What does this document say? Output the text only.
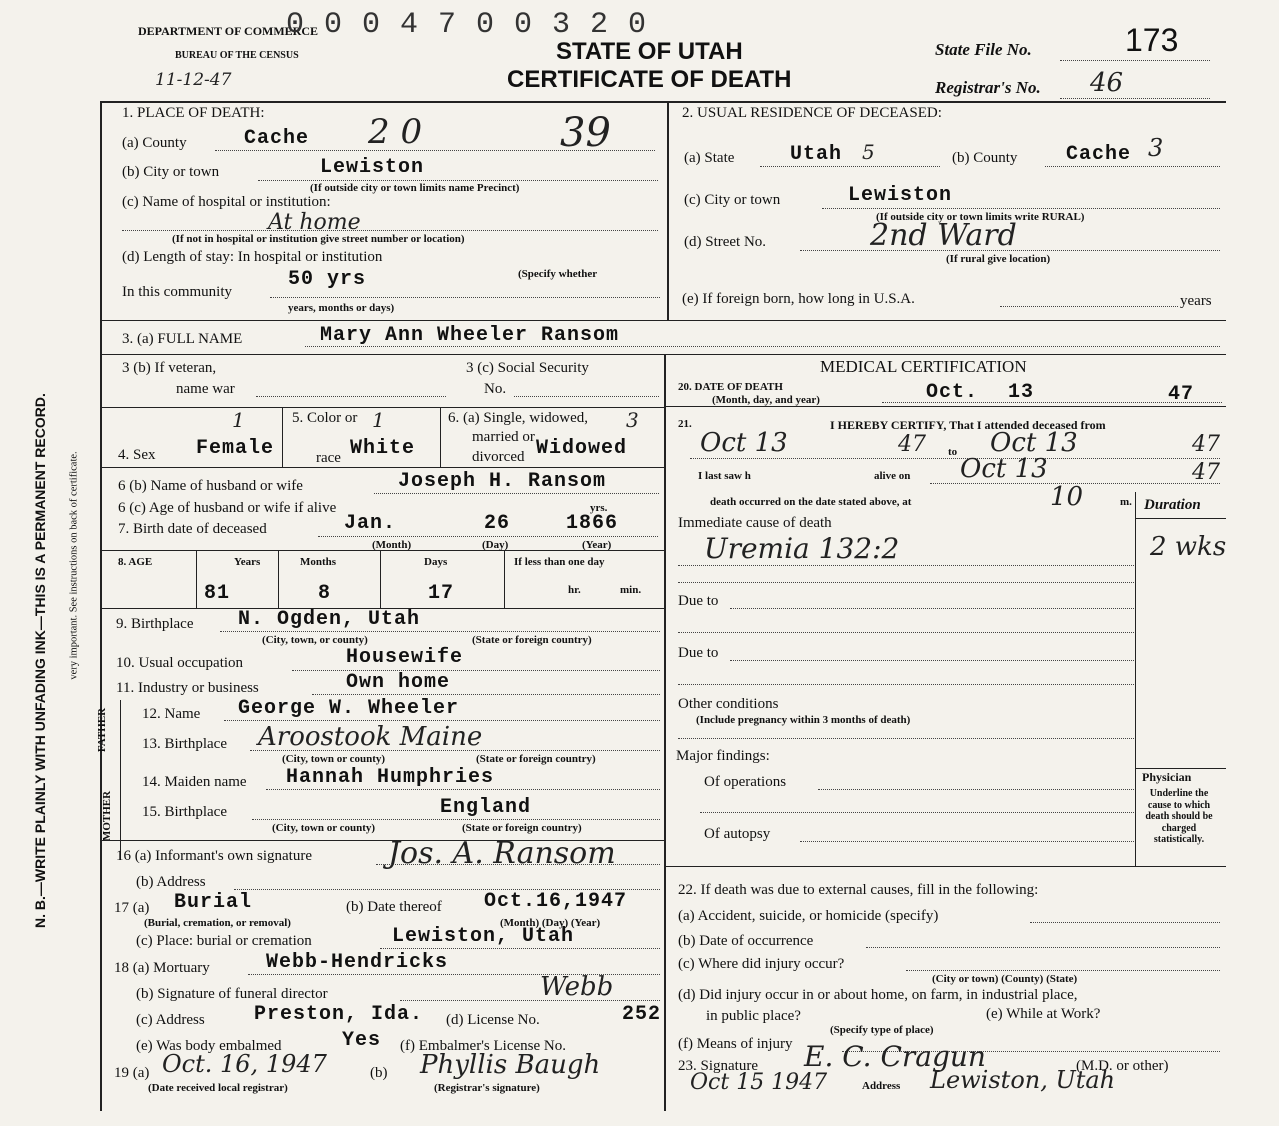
N. B.—WRITE PLAINLY WITH UNFADING INK—THIS IS A PERMANENT RECORD. very important. See instructions on back of certificate.
DEPARTMENT OF COMMERCE
0 0 0 4 7 0 0 3 2 0
BUREAU OF THE CENSUS
11-12-47
STATE OF UTAH
CERTIFICATE OF DEATH
State File No.	173
Registrar's No. 46
1. PLACE OF DEATH:
(a) County	Cache 2 0	39
(b) City or town	Lewiston
(If outside city or town limits name Precinct)
(c) Name of hospital or institution:
At home
(If not in hospital or institution give street number or location)
(d) Length of stay: In hospital or institution
(Specify whether
In this community
50 yrs
years, months or days)
2. USUAL RESIDENCE OF DECEASED:
(a) State	Utah 5	(b) County Cache 3
(c) City or town	Lewiston
(If outside city or town limits write RURAL)
(d) Street No.	2nd Ward
(If rural give location)
(e) If foreign born, how long in U.S.A.	years
3. (a) FULL NAME	Mary Ann Wheeler Ransom
3 (b) If veteran,
name war
3 (c) Social Security
No.
4. Sex Female
1	5. Color or
race White
1	6. (a) Single, widowed,
married or
divorced Widowed
3
6 (b) Name of husband or wife	Joseph H. Ransom
6 (c) Age of husband or wife if alive	yrs.
7. Birth date of deceased	Jan.	26	1866
(Month)	(Day)	(Year)
8. AGE	Years	Months	Days	If less than one day
81	8	17	hr.	min.
9. Birthplace N. Ogden, Utah
(City, town, or county)	(State or foreign country)
10. Usual occupation	Housewife
11. Industry or business	Own home
FATHER
MOTHER
12. Name George W. Wheeler
13. Birthplace Aroostook Maine
(City, town or county)	(State or foreign country)
14. Maiden name Hannah Humphries
15. Birthplace	England
(City, town or county)	(State or foreign country)
16 (a) Informant's own signature	Jos. A. Ransom
(b) Address
17 (a) Burial
(Burial, cremation, or removal)
(b) Date thereof Oct.16,1947
(Month) (Day) (Year)
(c) Place: burial or cremation	Lewiston, Utah
18 (a) Mortuary	Webb-Hendricks
(b) Signature of funeral director	Webb
(c) Address Preston, Ida. (d) License No.	252
(e) Was body embalmed	Yes (f) Embalmer's License No.
19 (a) Oct. 16, 1947
(Date received local registrar)
(b) Phyllis Baugh
(Registrar's signature)
MEDICAL CERTIFICATION
20. DATE OF DEATH
(Month, day, and year)	Oct. 13	47
21.	I HEREBY CERTIFY, That I attended deceased from
Oct 13	47 to Oct 13	47
I last saw h	alive on Oct 13	47
death occurred on the date stated above, at	10	m. Duration
Immediate cause of death
Uremia 132:2	2 wks
Due to
Due to
Other conditions
(Include pregnancy within 3 months of death)
Major findings:
Of operations
Of autopsy
Physician
Underline the cause to which death should be charged statistically.
22. If death was due to external causes, fill in the following:
(a) Accident, suicide, or homicide (specify)
(b) Date of occurrence
(c) Where did injury occur?
(City or town) (County) (State)
(d) Did injury occur in or about home, on farm, in industrial place,
in public place?	(e) While at Work?
(Specify type of place)
(f) Means of injury
23. Signature E. C. Cragun	(M.D. or other)
Oct 15 1947	Address Lewiston, Utah
